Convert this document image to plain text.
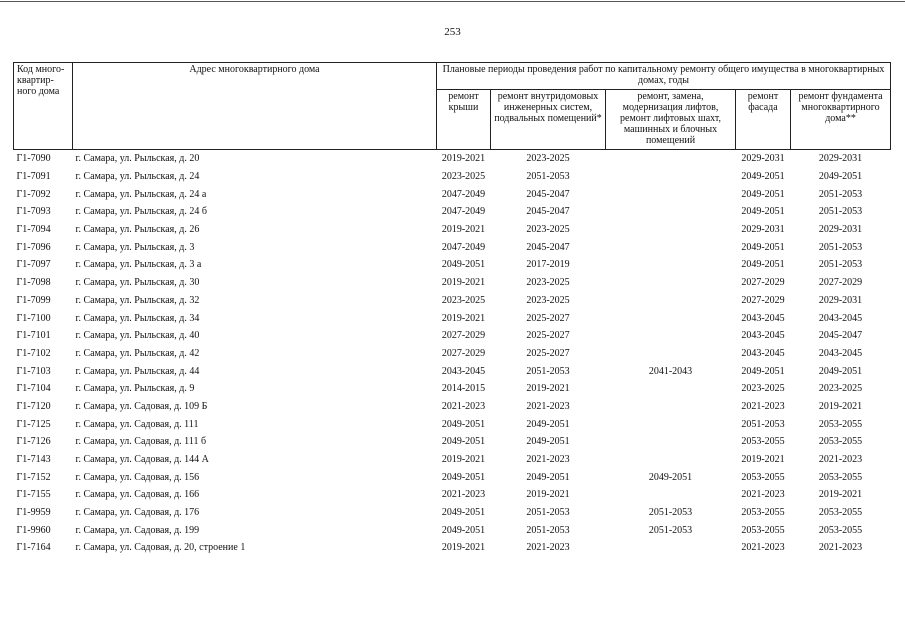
253
Код много-квартир-ного дома	Адрес многоквартирного дома	Плановые периоды проведения работ по капитальному ремонту общего имущества в многоквартирных домах, годы				
		ремонт крыши	ремонт внутридомовых инженерных систем, подвальных помещений*	ремонт, замена, модернизация лифтов, ремонт лифтовых шахт, машинных и блочных помещений	ремонт фасада	ремонт фундамента многоквартирного дома**
Г1-7090	г. Самара, ул. Рыльская, д. 20	2019-2021	2023-2025		2029-2031	2029-2031
Г1-7091	г. Самара, ул. Рыльская, д. 24	2023-2025	2051-2053		2049-2051	2049-2051
Г1-7092	г. Самара, ул. Рыльская, д. 24 а	2047-2049	2045-2047		2049-2051	2051-2053
Г1-7093	г. Самара, ул. Рыльская, д. 24 б	2047-2049	2045-2047		2049-2051	2051-2053
Г1-7094	г. Самара, ул. Рыльская, д. 26	2019-2021	2023-2025		2029-2031	2029-2031
Г1-7096	г. Самара, ул. Рыльская, д. 3	2047-2049	2045-2047		2049-2051	2051-2053
Г1-7097	г. Самара, ул. Рыльская, д. 3 а	2049-2051	2017-2019		2049-2051	2051-2053
Г1-7098	г. Самара, ул. Рыльская, д. 30	2019-2021	2023-2025		2027-2029	2027-2029
Г1-7099	г. Самара, ул. Рыльская, д. 32	2023-2025	2023-2025		2027-2029	2029-2031
Г1-7100	г. Самара, ул. Рыльская, д. 34	2019-2021	2025-2027		2043-2045	2043-2045
Г1-7101	г. Самара, ул. Рыльская, д. 40	2027-2029	2025-2027		2043-2045	2045-2047
Г1-7102	г. Самара, ул. Рыльская, д. 42	2027-2029	2025-2027		2043-2045	2043-2045
Г1-7103	г. Самара, ул. Рыльская, д. 44	2043-2045	2051-2053	2041-2043	2049-2051	2049-2051
Г1-7104	г. Самара, ул. Рыльская, д. 9	2014-2015	2019-2021		2023-2025	2023-2025
Г1-7120	г. Самара, ул. Садовая, д. 109 Б	2021-2023	2021-2023		2021-2023	2019-2021
Г1-7125	г. Самара, ул. Садовая, д. 111	2049-2051	2049-2051		2051-2053	2053-2055
Г1-7126	г. Самара, ул. Садовая, д. 111 б	2049-2051	2049-2051		2053-2055	2053-2055
Г1-7143	г. Самара, ул. Садовая, д. 144 А	2019-2021	2021-2023		2019-2021	2021-2023
Г1-7152	г. Самара, ул. Садовая, д. 156	2049-2051	2049-2051	2049-2051	2053-2055	2053-2055
Г1-7155	г. Самара, ул. Садовая, д. 166	2021-2023	2019-2021		2021-2023	2019-2021
Г1-9959	г. Самара, ул. Садовая, д. 176	2049-2051	2051-2053	2051-2053	2053-2055	2053-2055
Г1-9960	г. Самара, ул. Садовая, д. 199	2049-2051	2051-2053	2051-2053	2053-2055	2053-2055
Г1-7164	г. Самара, ул. Садовая, д. 20, строение 1	2019-2021	2021-2023		2021-2023	2021-2023
